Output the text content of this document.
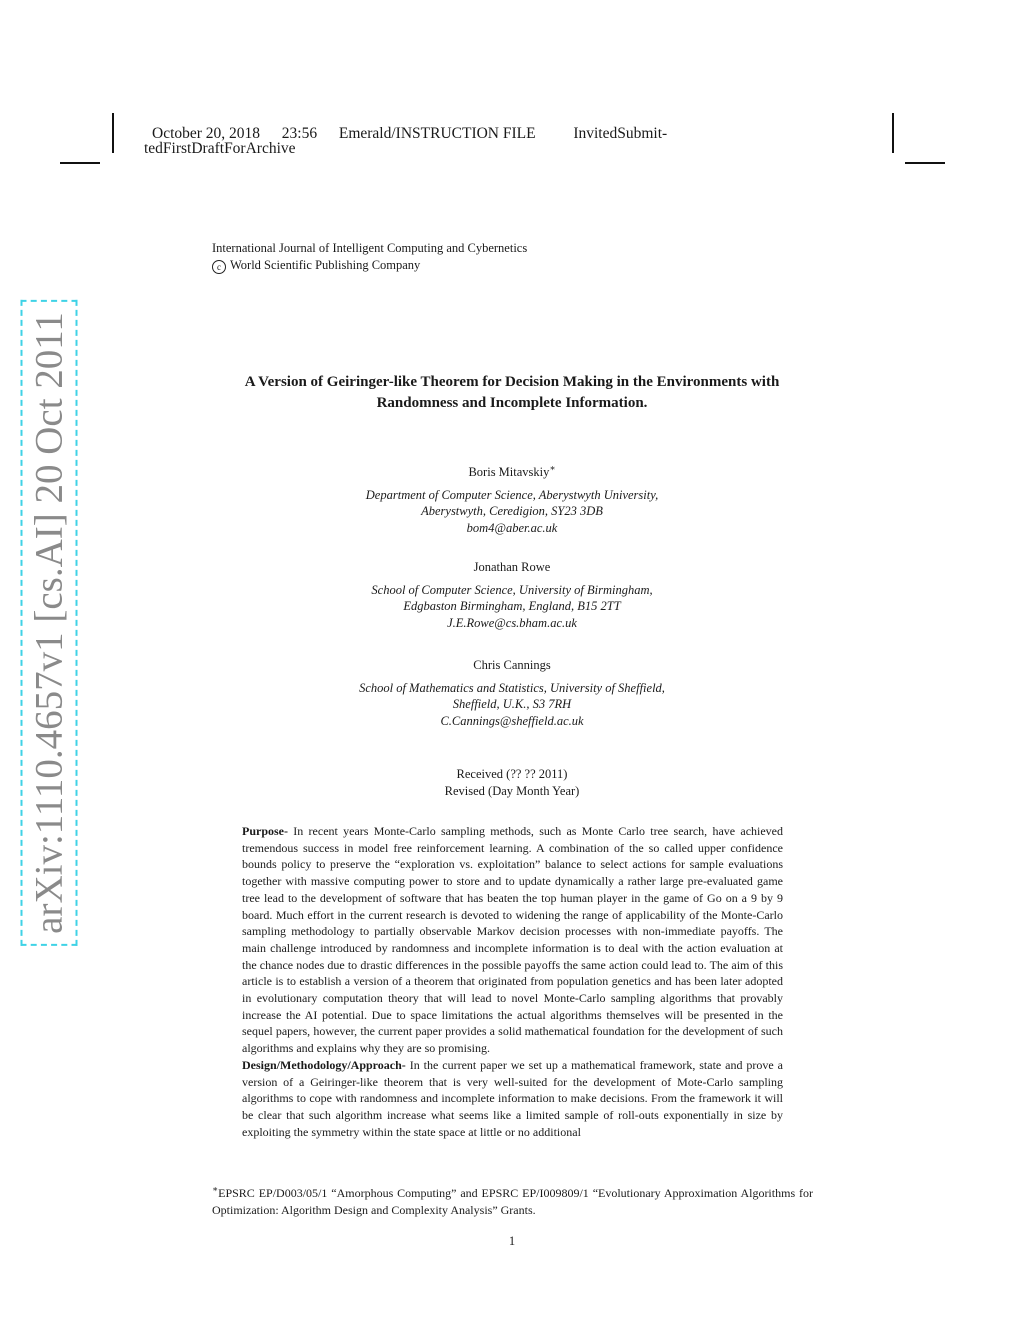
October 20, 2018 23:56 Emerald/INSTRUCTION FILE InvitedSubmit-
tedFirstDraftForArchive
International Journal of Intelligent Computing and Cybernetics
c World Scientific Publishing Company
arXiv:1110.4657v1 [cs.AI] 20 Oct 2011	A Version of Geiringer-like Theorem for Decision Making in the Environments with
Randomness and Incomplete Information.
Boris Mitavskiy∗
Department of Computer Science, Aberystwyth University,
Aberystwyth, Ceredigion, SY23 3DB
bom4@aber.ac.uk
Jonathan Rowe
School of Computer Science, University of Birmingham,
Edgbaston Birmingham, England, B15 2TT
J.E.Rowe@cs.bham.ac.uk
Chris Cannings
School of Mathematics and Statistics, University of Sheffield,
Sheffield, U.K., S3 7RH
C.Cannings@sheffield.ac.uk
Received (?? ?? 2011)
Revised (Day Month Year)

Purpose- In recent years Monte-Carlo sampling methods, such as Monte Carlo tree search, have achieved tremendous success in model free reinforcement learning. A combination of the so called upper confidence bounds policy to preserve the “exploration vs. exploitation” balance to select actions for sample evaluations together with massive computing power to store and to update dynamically a rather large pre-evaluated game tree lead to the development of software that has beaten the top human player in the game of Go on a 9 by 9 board. Much effort in the current research is devoted to widening the range of applicability of the Monte-Carlo sampling methodology to partially observable Markov decision processes with non-immediate payoffs. The main challenge introduced by randomness and incomplete information is to deal with the action evaluation at the chance nodes due to drastic differences in the possible payoffs the same action could lead to. The aim of this article is to establish a version of a theorem that originated from population genetics and has been later adopted in evolutionary computation theory that will lead to novel Monte-Carlo sampling algorithms that provably increase the AI potential. Due to space limitations the actual algorithms themselves will be presented in the sequel papers, however, the current paper provides a solid mathematical foundation for the development of such algorithms and explains why they are so promising.

Design/Methodology/Approach- In the current paper we set up a mathematical framework, state and prove a version of a Geiringer-like theorem that is very well-suited for the development of Mote-Carlo sampling algorithms to cope with randomness and incomplete information to make decisions. From the framework it will be clear that such algorithm increase what seems like a limited sample of roll-outs exponentially in size by exploiting the symmetry within the state space at little or no additional

∗EPSRC EP/D003/05/1 “Amorphous Computing” and EPSRC EP/I009809/1 “Evolutionary Approximation Algorithms for Optimization: Algorithm Design and Complexity Analysis” Grants.
1
